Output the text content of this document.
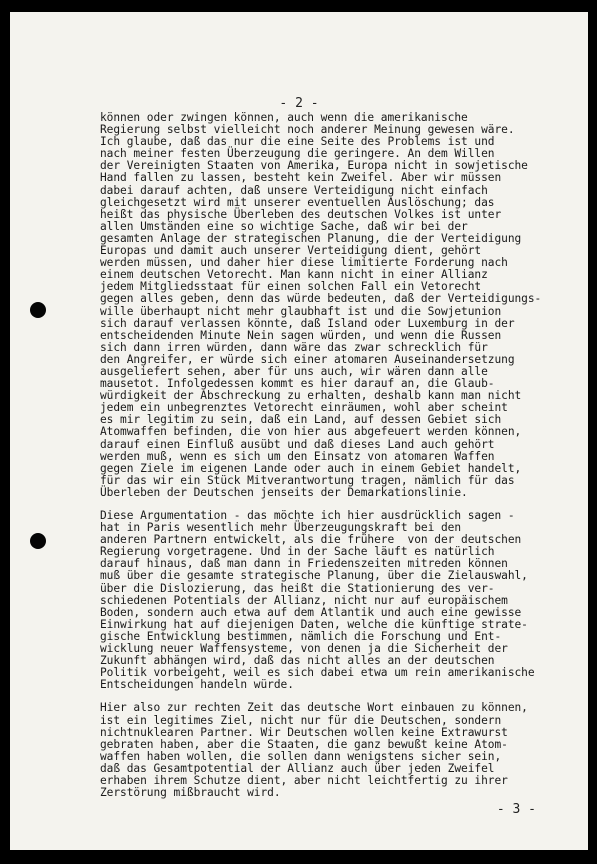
- 2 -

können oder zwingen können, auch wenn die amerikanische

Regierung selbst vielleicht noch anderer Meinung gewesen wäre.

Ich glaube, daß das nur die eine Seite des Problems ist und

nach meiner festen Überzeugung die geringere. An dem Willen

der Vereinigten Staaten von Amerika, Europa nicht in sowjetische

Hand fallen zu lassen, besteht kein Zweifel. Aber wir müssen

dabei darauf achten, daß unsere Verteidigung nicht einfach

gleichgesetzt wird mit unserer eventuellen Auslöschung; das

heißt das physische Überleben des deutschen Volkes ist unter

allen Umständen eine so wichtige Sache, daß wir bei der

gesamten Anlage der strategischen Planung, die der Verteidigung

Europas und damit auch unserer Verteidigung dient, gehört

werden müssen, und daher hier diese limitierte Forderung nach

einem deutschen Vetorecht. Man kann nicht in einer Allianz

jedem Mitgliedsstaat für einen solchen Fall ein Vetorecht

gegen alles geben, denn das würde bedeuten, daß der Verteidigungs-

wille überhaupt nicht mehr glaubhaft ist und die Sowjetunion

sich darauf verlassen könnte, daß Island oder Luxemburg in der

entscheidenden Minute Nein sagen würden, und wenn die Russen

sich dann irren würden, dann wäre das zwar schrecklich für

den Angreifer, er würde sich einer atomaren Auseinandersetzung

ausgeliefert sehen, aber für uns auch, wir wären dann alle

mausetot. Infolgedessen kommt es hier darauf an, die Glaub-

würdigkeit der Abschreckung zu erhalten, deshalb kann man nicht

jedem ein unbegrenztes Vetorecht einräumen, wohl aber scheint

es mir legitim zu sein, daß ein Land, auf dessen Gebiet sich

Atomwaffen befinden, die von hier aus abgefeuert werden können,

darauf einen Einfluß ausübt und daß dieses Land auch gehört

werden muß, wenn es sich um den Einsatz von atomaren Waffen

gegen Ziele im eigenen Lande oder auch in einem Gebiet handelt,

für das wir ein Stück Mitverantwortung tragen, nämlich für das

Überleben der Deutschen jenseits der Demarkationslinie.

Diese Argumentation - das möchte ich hier ausdrücklich sagen -

hat in Paris wesentlich mehr Überzeugungskraft bei den

anderen Partnern entwickelt, als die frühere  von der deutschen

Regierung vorgetragene. Und in der Sache läuft es natürlich

darauf hinaus, daß man dann in Friedenszeiten mitreden können

muß über die gesamte strategische Planung, über die Zielauswahl,

über die Dislozierung, das heißt die Stationierung des ver-

schiedenen Potentials der Allianz, nicht nur auf europäischem

Boden, sondern auch etwa auf dem Atlantik und auch eine gewisse

Einwirkung hat auf diejenigen Daten, welche die künftige strate-

gische Entwicklung bestimmen, nämlich die Forschung und Ent-

wicklung neuer Waffensysteme, von denen ja die Sicherheit der

Zukunft abhängen wird, daß das nicht alles an der deutschen

Politik vorbeigeht, weil es sich dabei etwa um rein amerikanische

Entscheidungen handeln würde.

Hier also zur rechten Zeit das deutsche Wort einbauen zu können,

ist ein legitimes Ziel, nicht nur für die Deutschen, sondern

nichtnuklearen Partner. Wir Deutschen wollen keine Extrawurst

gebraten haben, aber die Staaten, die ganz bewußt keine Atom-

waffen haben wollen, die sollen dann wenigstens sicher sein,

daß das Gesamtpotential der Allianz auch über jeden Zweifel

erhaben ihrem Schutze dient, aber nicht leichtfertig zu ihrer

Zerstörung mißbraucht wird.

- 3 -
